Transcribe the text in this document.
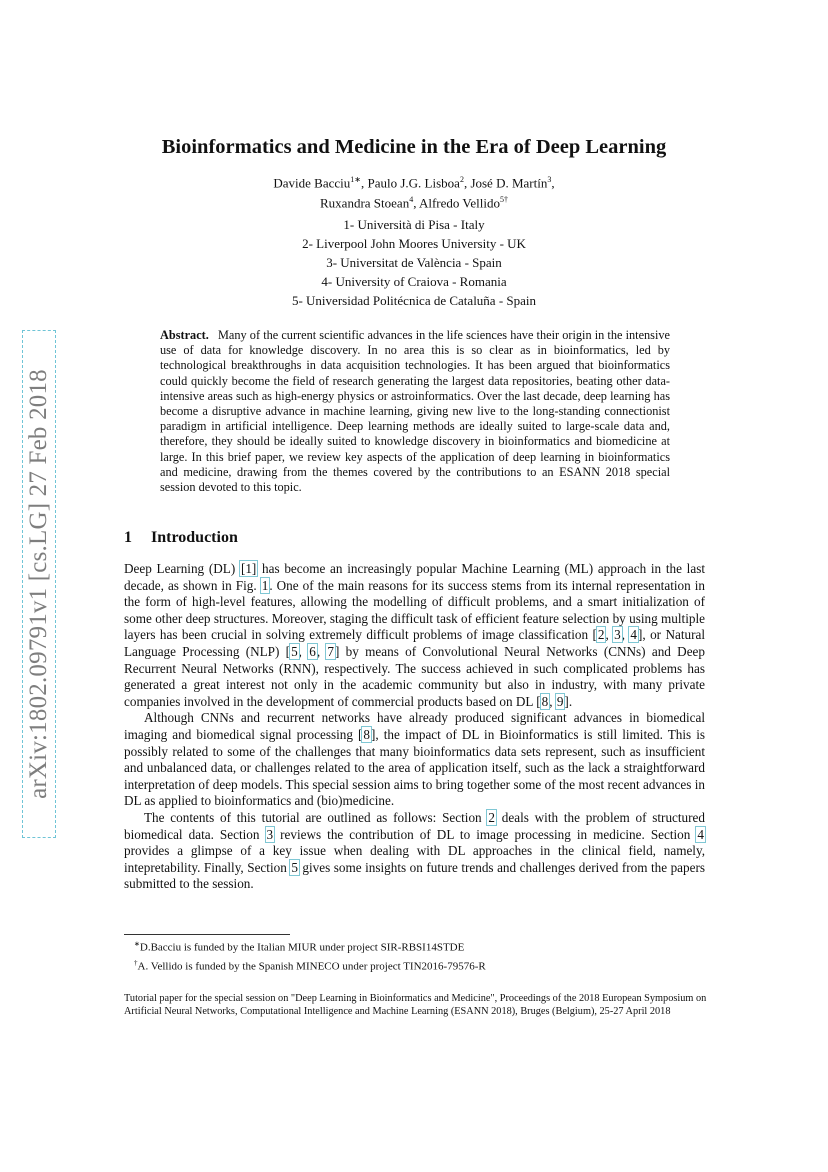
arXiv:1802.09791v1 [cs.LG] 27 Feb 2018
Bioinformatics and Medicine in the Era of Deep Learning
Davide Bacciu$^{1∗}$, Paulo J.G. Lisboa$^2$, José D. Martín$^3$,
Ruxandra Stoean$^4$, Alfredo Vellido$^{5\dagger}$
1- Università di Pisa - Italy
2- Liverpool John Moores University - UK
3- Universitat de València - Spain
4- University of Craiova - Romania
5- Universidad Politécnica de Cataluña - Spain
Abstract. Many of the current scientific advances in the life sciences have their origin in the intensive use of data for knowledge discovery. In no area this is so clear as in bioinformatics, led by technological breakthroughs in data acquisition technologies. It has been argued that bioinformatics could quickly become the field of research generating the largest data repositories, beating other data-intensive areas such as high-energy physics or astroinformatics. Over the last decade, deep learning has become a disruptive advance in machine learning, giving new live to the long-standing connectionist paradigm in artificial intelligence. Deep learning methods are ideally suited to large-scale data and, therefore, they should be ideally suited to knowledge discovery in bioinformatics and biomedicine at large. In this brief paper, we review key aspects of the application of deep learning in bioinformatics and medicine, drawing from the themes covered by the contributions to an ESANN 2018 special session devoted to this topic.
1 Introduction

Deep Learning (DL) [1] has become an increasingly popular Machine Learning (ML) approach in the last decade, as shown in Fig. 1. One of the main reasons for its success stems from its internal representation in the form of high-level features, allowing the modelling of difficult problems, and a smart initialization of some other deep structures. Moreover, staging the difficult task of efficient feature selection by using multiple layers has been crucial in solving extremely difficult problems of image classification [2, 3, 4], or Natural Language Processing (NLP) [5, 6, 7] by means of Convolutional Neural Networks (CNNs) and Deep Recurrent Neural Networks (RNN), respectively. The success achieved in such complicated problems has generated a great interest not only in the academic community but also in industry, with many private companies involved in the development of commercial products based on DL [8, 9].

Although CNNs and recurrent networks have already produced significant advances in biomedical imaging and biomedical signal processing [8], the impact of DL in Bioinformatics is still limited. This is possibly related to some of the challenges that many bioinformatics data sets represent, such as insufficient and unbalanced data, or challenges related to the area of application itself, such as the lack a straightforward interpretation of deep models. This special session aims to bring together some of the most recent advances in DL as applied to bioinformatics and (bio)medicine.

The contents of this tutorial are outlined as follows: Section 2 deals with the problem of structured biomedical data. Section 3 reviews the contribution of DL to image processing in medicine. Section 4 provides a glimpse of a key issue when dealing with DL approaches in the clinical field, namely, intepretability. Finally, Section 5 gives some insights on future trends and challenges derived from the papers submitted to the session.

∗D.Bacciu is funded by the Italian MIUR under project SIR-RBSI14STDE
†A. Vellido is funded by the Spanish MINECO under project TIN2016-79576-R
Tutorial paper for the special session on "Deep Learning in Bioinformatics and Medicine", Proceedings of the 2018 European Symposium on Artificial Neural Networks, Computational Intelligence and Machine Learning (ESANN 2018), Bruges (Belgium), 25-27 April 2018
